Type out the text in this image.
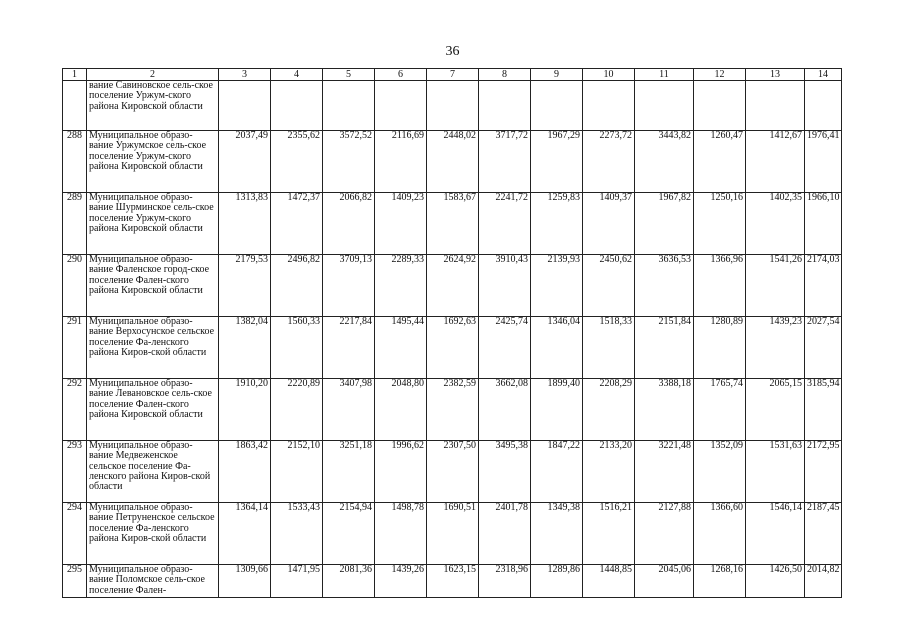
36
1	2	3	4	5	6	7	8	9	10	11	12	13	14
	вание Савиновское сель-ское поселение Уржум-ского района Кировской области												
288	Муниципальное образо-вание Уржумское сель-ское поселение Уржум-ского района Кировской области	2037,49	2355,62	3572,52	2116,69	2448,02	3717,72	1967,29	2273,72	3443,82	1260,47	1412,67	1976,41
289	Муниципальное образо-вание Шурминское сель-ское поселение Уржум-ского района Кировской области	1313,83	1472,37	2066,82	1409,23	1583,67	2241,72	1259,83	1409,37	1967,82	1250,16	1402,35	1966,10
290	Муниципальное образо-вание Фаленское город-ское поселение Фален-ского района Кировской области	2179,53	2496,82	3709,13	2289,33	2624,92	3910,43	2139,93	2450,62	3636,53	1366,96	1541,26	2174,03
291	Муниципальное образо-вание Верхосунское сельское поселение Фа-ленского района Киров-ской области	1382,04	1560,33	2217,84	1495,44	1692,63	2425,74	1346,04	1518,33	2151,84	1280,89	1439,23	2027,54
292	Муниципальное образо-вание Левановское сель-ское поселение Фален-ского района Кировской области	1910,20	2220,89	3407,98	2048,80	2382,59	3662,08	1899,40	2208,29	3388,18	1765,74	2065,15	3185,94
293	Муниципальное образо-вание Медвеженское сельское поселение Фа-ленского района Киров-ской области	1863,42	2152,10	3251,18	1996,62	2307,50	3495,38	1847,22	2133,20	3221,48	1352,09	1531,63	2172,95
294	Муниципальное образо-вание Петруненское сельское поселение Фа-ленского района Киров-ской области	1364,14	1533,43	2154,94	1498,78	1690,51	2401,78	1349,38	1516,21	2127,88	1366,60	1546,14	2187,45
295	Муниципальное образо-вание Поломское сель-ское поселение Фален-	1309,66	1471,95	2081,36	1439,26	1623,15	2318,96	1289,86	1448,85	2045,06	1268,16	1426,50	2014,82
